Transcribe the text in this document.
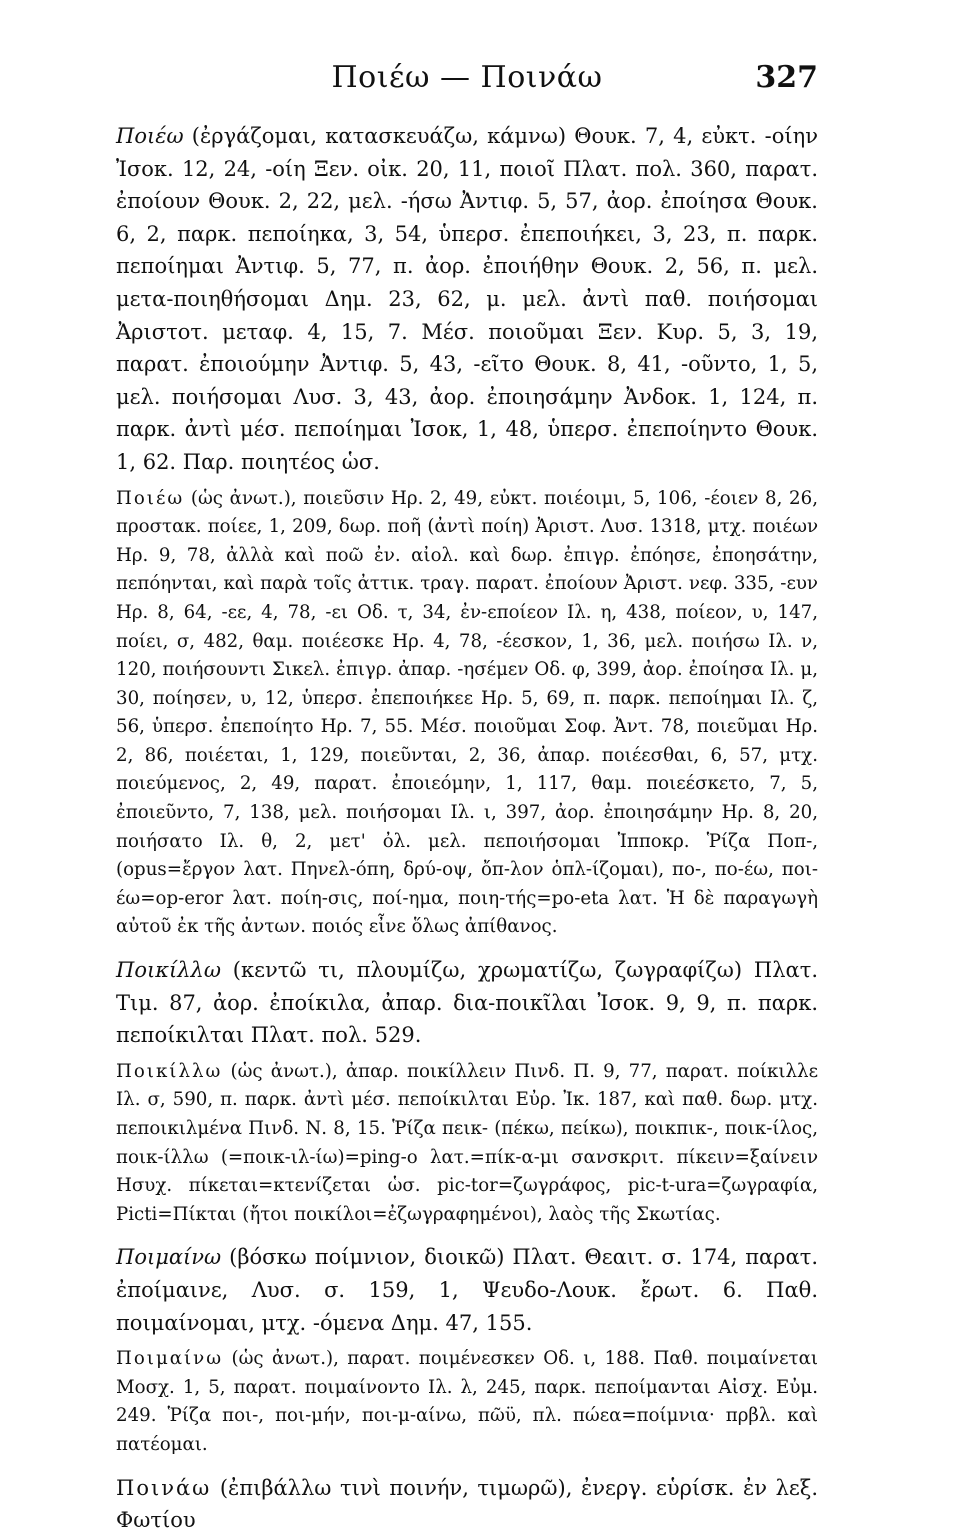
Ποιέω — Ποινάω	327

Ποιέω (ἐργάζομαι, κατασκευάζω, κάμνω) Θουκ. 7, 4, εὐκτ. -οίην Ἰσοκ. 12, 24, -οίη Ξεν. οἰκ. 20, 11, ποιοῖ Πλατ. πολ. 360, παρατ. ἐποίουν Θουκ. 2, 22, μελ. -ήσω Ἀντιφ. 5, 57, ἀορ. ἐποίησα Θουκ. 6, 2, παρκ. πεποίηκα, 3, 54, ὑπερσ. ἐπεποιήκει, 3, 23, π. παρκ. πεποίημαι Ἀντιφ. 5, 77, π. ἀορ. ἐποιήθην Θουκ. 2, 56, π. μελ. μετα-ποιηθήσομαι Δημ. 23, 62, μ. μελ. ἀντὶ παθ. ποιήσομαι Ἀριστοτ. μεταφ. 4, 15, 7. Μέσ. ποιοῦμαι Ξεν. Κυρ. 5, 3, 19, παρατ. ἐποιούμην Ἀντιφ. 5, 43, -εῖτο Θουκ. 8, 41, -οῦντο, 1, 5, μελ. ποιήσομαι Λυσ. 3, 43, ἀορ. ἐποιησάμην Ἀνδοκ. 1, 124, π. παρκ. ἀντὶ μέσ. πεποίημαι Ἰσοκ, 1, 48, ὑπερσ. ἐπεποίηντο Θουκ. 1, 62. Παρ. ποιητέος ὡσ.

Ποιέω (ὡς ἀνωτ.), ποιεῦσιν Ηρ. 2, 49, εὐκτ. ποιέοιμι, 5, 106, -έοιεν 8, 26, προστακ. ποίεε, 1, 209, δωρ. ποῆ (ἀντὶ ποίη) Ἀριστ. Λυσ. 1318, μτχ. ποιέων Ηρ. 9, 78, ἀλλὰ καὶ ποῶ ἐν. αἰολ. καὶ δωρ. ἐπιγρ. ἐπόησε, ἐποησάτην, πεπόηνται, καὶ παρὰ τοῖς ἀττικ. τραγ. παρατ. ἐποίουν Ἀριστ. νεφ. 335, -ευν Ηρ. 8, 64, -εε, 4, 78, -ει Οδ. τ, 34, ἐν-εποίεον Ιλ. η, 438, ποίεον, υ, 147, ποίει, σ, 482, θαμ. ποιέεσκε Ηρ. 4, 78, -έεσκον, 1, 36, μελ. ποιήσω Ιλ. ν, 120, ποιήσουντι Σικελ. ἐπιγρ. ἀπαρ. -ησέμεν Οδ. φ, 399, ἀορ. ἐποίησα Ιλ. μ, 30, ποίησεν, υ, 12, ὑπερσ. ἐπεποιήκεε Ηρ. 5, 69, π. παρκ. πεποίημαι Ιλ. ζ, 56, ὑπερσ. ἐπεποίητο Ηρ. 7, 55. Μέσ. ποιοῦμαι Σοφ. Ἀντ. 78, ποιεῦμαι Ηρ. 2, 86, ποιέεται, 1, 129, ποιεῦνται, 2, 36, ἀπαρ. ποιέεσθαι, 6, 57, μτχ. ποιεύμενος, 2, 49, παρατ. ἐποιεόμην, 1, 117, θαμ. ποιεέσκετο, 7, 5, ἐποιεῦντο, 7, 138, μελ. ποιήσομαι Ιλ. ι, 397, ἀορ. ἐποιησάμην Ηρ. 8, 20, ποιήσατο Ιλ. θ, 2, μετ' ὀλ. μελ. πεποιήσομαι Ἱπποκρ. Ῥίζα Ποπ-, (opus=ἔργον λατ. Πηνελ-όπη, δρύ-οψ, ὄπ-λον ὁπλ-ίζομαι), πο-, πο-έω, ποι-έω=op-eror λατ. ποίη-σις, ποί-ημα, ποιη-τής=po-eta λατ. Ἡ δὲ παραγωγὴ αὐτοῦ ἐκ τῆς ἀντων. ποιός εἶνε ὅλως ἀπίθανος.

Ποικίλλω (κεντῶ τι, πλουμίζω, χρωματίζω, ζωγραφίζω) Πλατ. Τιμ. 87, ἀορ. ἐποίκιλα, ἀπαρ. δια-ποικῖλαι Ἰσοκ. 9, 9, π. παρκ. πεποίκιλται Πλατ. πολ. 529.

Ποικίλλω (ὡς ἀνωτ.), ἀπαρ. ποικίλλειν Πινδ. Π. 9, 77, παρατ. ποίκιλλε Ιλ. σ, 590, π. παρκ. ἀντὶ μέσ. πεποίκιλται Εὐρ. Ἰκ. 187, καὶ παθ. δωρ. μτχ. πεποικιλμένα Πινδ. Ν. 8, 15. Ῥίζα πεικ- (πέκω, πείκω), ποικπικ-, ποικ-ίλος, ποικ-ίλλω (=ποικ-ιλ-ίω)=ping-o λατ.=πίκ-α-μι σανσκριτ. πίκειν=ξαίνειν Ησυχ. πίκεται=κτενίζεται ὡσ. pic-tor=ζωγράφος, pic-t-ura=ζωγραφία, Picti=Πίκται (ἤτοι ποικίλοι=ἐζωγραφημένοι), λαὸς τῆς Σκωτίας.

Ποιμαίνω (βόσκω ποίμνιον, διοικῶ) Πλατ. Θεαιτ. σ. 174, παρατ. ἐποίμαινε, Λυσ. σ. 159, 1, Ψευδο-Λουκ. ἔρωτ. 6. Παθ. ποιμαίνομαι, μτχ. -όμενα Δημ. 47, 155.

Ποιμαίνω (ὡς ἀνωτ.), παρατ. ποιμένεσκεν Οδ. ι, 188. Παθ. ποιμαίνεται Μοσχ. 1, 5, παρατ. ποιμαίνοντο Ιλ. λ, 245, παρκ. πεποίμανται Αἰσχ. Εὐμ. 249. Ῥίζα ποι-, ποι-μήν, ποι-μ-αίνω, πῶϋ, πλ. πώεα=ποίμνια· πρβλ. καὶ πατέομαι.

Ποινάω (ἐπιβάλλω τινὶ ποινήν, τιμωρῶ), ἐνεργ. εὑρίσκ. ἐν λεξ. Φωτίου
